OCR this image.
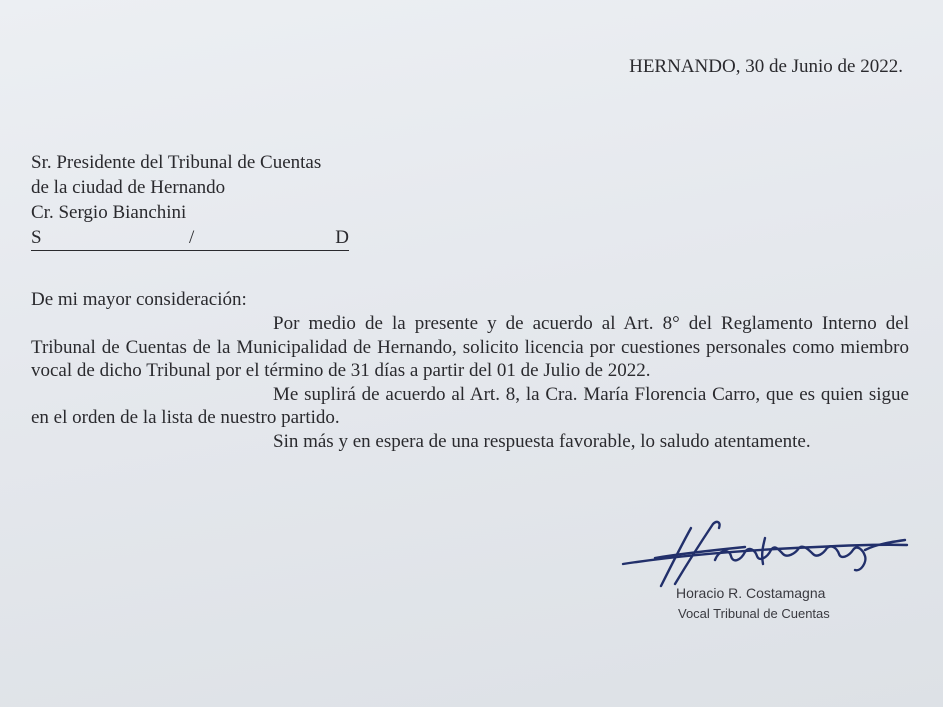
HERNANDO, 30 de Junio de 2022.
Sr. Presidente del Tribunal de Cuentas
de la ciudad de Hernando
Cr. Sergio Bianchini
S	/	D
De mi mayor consideración:

Por medio de la presente y de acuerdo al Art. 8° del Reglamento Interno del Tribunal de Cuentas de la Municipalidad de Hernando, solicito licencia por cuestiones personales como miembro vocal de dicho Tribunal por el término de 31 días a partir del 01 de Julio de 2022.

Me suplirá de acuerdo al Art. 8, la Cra. María Florencia Carro, que es quien sigue en el orden de la lista de nuestro partido.

Sin más y en espera de una respuesta favorable, lo saludo atentamente.

Horacio R. Costamagna
Vocal Tribunal de Cuentas
